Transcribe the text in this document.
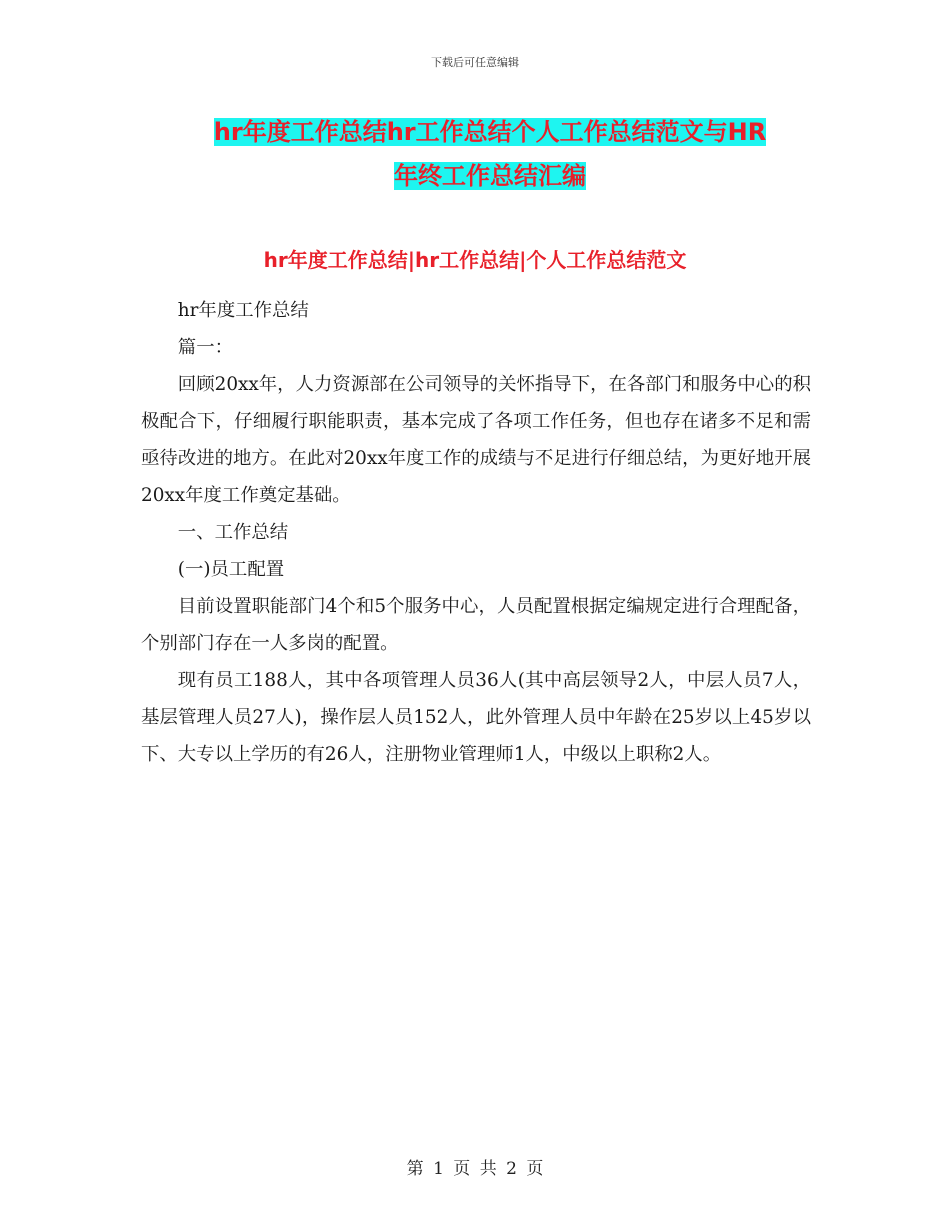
下载后可任意编辑
hr年度工作总结hr工作总结个人工作总结范文与HR
年终工作总结汇编
hr年度工作总结|hr工作总结|个人工作总结范文

hr年度工作总结

篇一：

回顾20xx年，人力资源部在公司领导的关怀指导下，在各部门和服务中心的积极配合下，仔细履行职能职责，基本完成了各项工作任务，但也存在诸多不足和需亟待改进的地方。在此对20xx年度工作的成绩与不足进行仔细总结，为更好地开展20xx年度工作奠定基础。

一、工作总结

(一)员工配置

目前设置职能部门4个和5个服务中心，人员配置根据定编规定进行合理配备，个别部门存在一人多岗的配置。

现有员工188人，其中各项管理人员36人(其中高层领导2人，中层人员7人，基层管理人员27人)，操作层人员152人，此外管理人员中年龄在25岁以上45岁以下、大专以上学历的有26人，注册物业管理师1人，中级以上职称2人。

第 1 页 共 2 页
